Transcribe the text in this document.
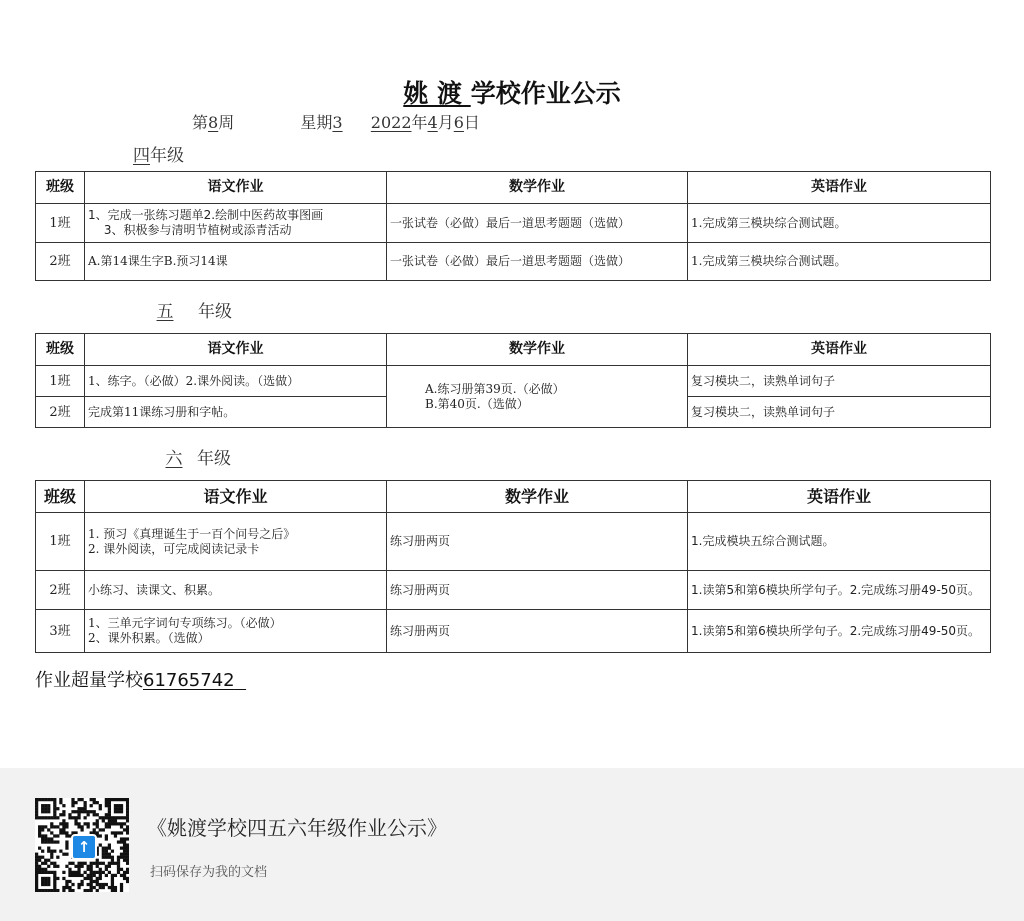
姚 渡 学校作业公示
第8周	星期3 2022年4月6日
四年级
班级	语文作业	数学作业	英语作业
1班	1、完成一张练习题单2.绘制中医药故事图画
　 3、积极参与清明节植树或添青活动	一张试卷（必做）最后一道思考题题（选做）	1.完成第三模块综合测试题。
2班	A.第14课生字B.预习14课	一张试卷（必做）最后一道思考题题（选做）	1.完成第三模块综合测试题。
五 年级
班级	语文作业	数学作业	英语作业
1班	1、练字。（必做）2.课外阅读。（选做）	A.练习册第39页.（必做）
B.第40页.（选做）	复习模块二，读熟单词句子
2班	完成第11课练习册和字帖。		复习模块二，读熟单词句子
六 年级
班级	语文作业	数学作业	英语作业
1班	1. 预习《真理诞生于一百个问号之后》
2. 课外阅读，可完成阅读记录卡	练习册两页	1.完成模块五综合测试题。
2班	小练习、读课文、积累。	练习册两页	1.读第5和第6模块所学句子。2.完成练习册49-50页。
3班	1、三单元字词句专项练习。（必做）
2、课外积累。（选做）	练习册两页	1.读第5和第6模块所学句子。2.完成练习册49-50页。
作业超量学校61765742
↑
《姚渡学校四五六年级作业公示》
扫码保存为我的文档
